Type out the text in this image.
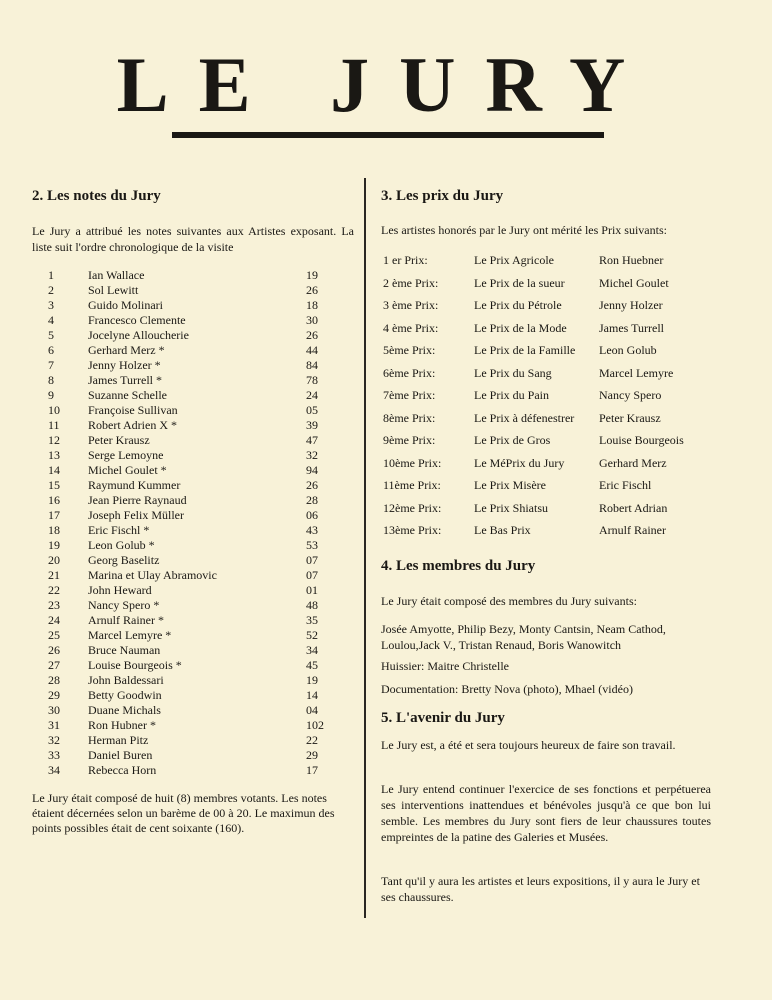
LE JURY
2. Les notes du Jury

Le Jury a attribué les notes suivantes aux Artistes exposant. La liste suit l'ordre chronologique de la visite

1	Ian Wallace	19
2	Sol Lewitt	26
3	Guido Molinari	18
4	Francesco Clemente	30
5	Jocelyne Alloucherie	26
6	Gerhard Merz *	44
7	Jenny Holzer *	84
8	James Turrell *	78
9	Suzanne Schelle	24
10	Françoise Sullivan	05
11	Robert Adrien X *	39
12	Peter Krausz	47
13	Serge Lemoyne	32
14	Michel Goulet *	94
15	Raymund Kummer	26
16	Jean Pierre Raynaud	28
17	Joseph Felix Müller	06
18	Eric Fischl *	43
19	Leon Golub *	53
20	Georg Baselitz	07
21	Marina et Ulay Abramovic	07
22	John Heward	01
23	Nancy Spero *	48
24	Arnulf Rainer *	35
25	Marcel Lemyre *	52
26	Bruce Nauman	34
27	Louise Bourgeois *	45
28	John Baldessari	19
29	Betty Goodwin	14
30	Duane Michals	04
31	Ron Hubner *	102
32	Herman Pitz	22
33	Daniel Buren	29
34	Rebecca Horn	17

Le Jury était composé de huit (8) membres votants. Les notes étaient décernées selon un barème de 00 à 20. Le maximun des points possibles était de cent soixante (160).

3. Les prix du Jury

Les artistes honorés par le Jury ont mérité les Prix suivants:

1 er Prix:	Le Prix Agricole	Ron Huebner
2 ème Prix:	Le Prix de la sueur	Michel Goulet
3 ème Prix:	Le Prix du Pétrole	Jenny Holzer
4 ème Prix:	Le Prix de la Mode	James Turrell
5ème Prix:	Le Prix de la Famille	Leon Golub
6ème Prix:	Le Prix du Sang	Marcel Lemyre
7ème Prix:	Le Prix du Pain	Nancy Spero
8ème Prix:	Le Prix à défenestrer	Peter Krausz
9ème Prix:	Le Prix de Gros	Louise Bourgeois
10ème Prix:	Le MéPrix du Jury	Gerhard Merz
11ème Prix:	Le Prix Misère	Eric Fischl
12ème Prix:	Le Prix Shiatsu	Robert Adrian
13ème Prix:	Le Bas Prix	Arnulf Rainer
4. Les membres du Jury

Le Jury était composé des membres du Jury suivants:

Josée Amyotte, Philip Bezy, Monty Cantsin, Neam Cathod, Loulou,Jack V., Tristan Renaud, Boris Wanowitch

Huissier: Maitre Christelle

Documentation: Bretty Nova (photo), Mhael (vidéo)

5. L'avenir du Jury

Le Jury est, a été et sera toujours heureux de faire son travail.

Le Jury entend continuer l'exercice de ses fonctions et perpétuerea ses interventions inattendues et bénévoles jusqu'à ce que bon lui semble. Les membres du Jury sont fiers de leur chaussures toutes empreintes de la patine des Galeries et Musées.

Tant qu'il y aura les artistes et leurs expositions, il y aura le Jury et ses chaussures.
